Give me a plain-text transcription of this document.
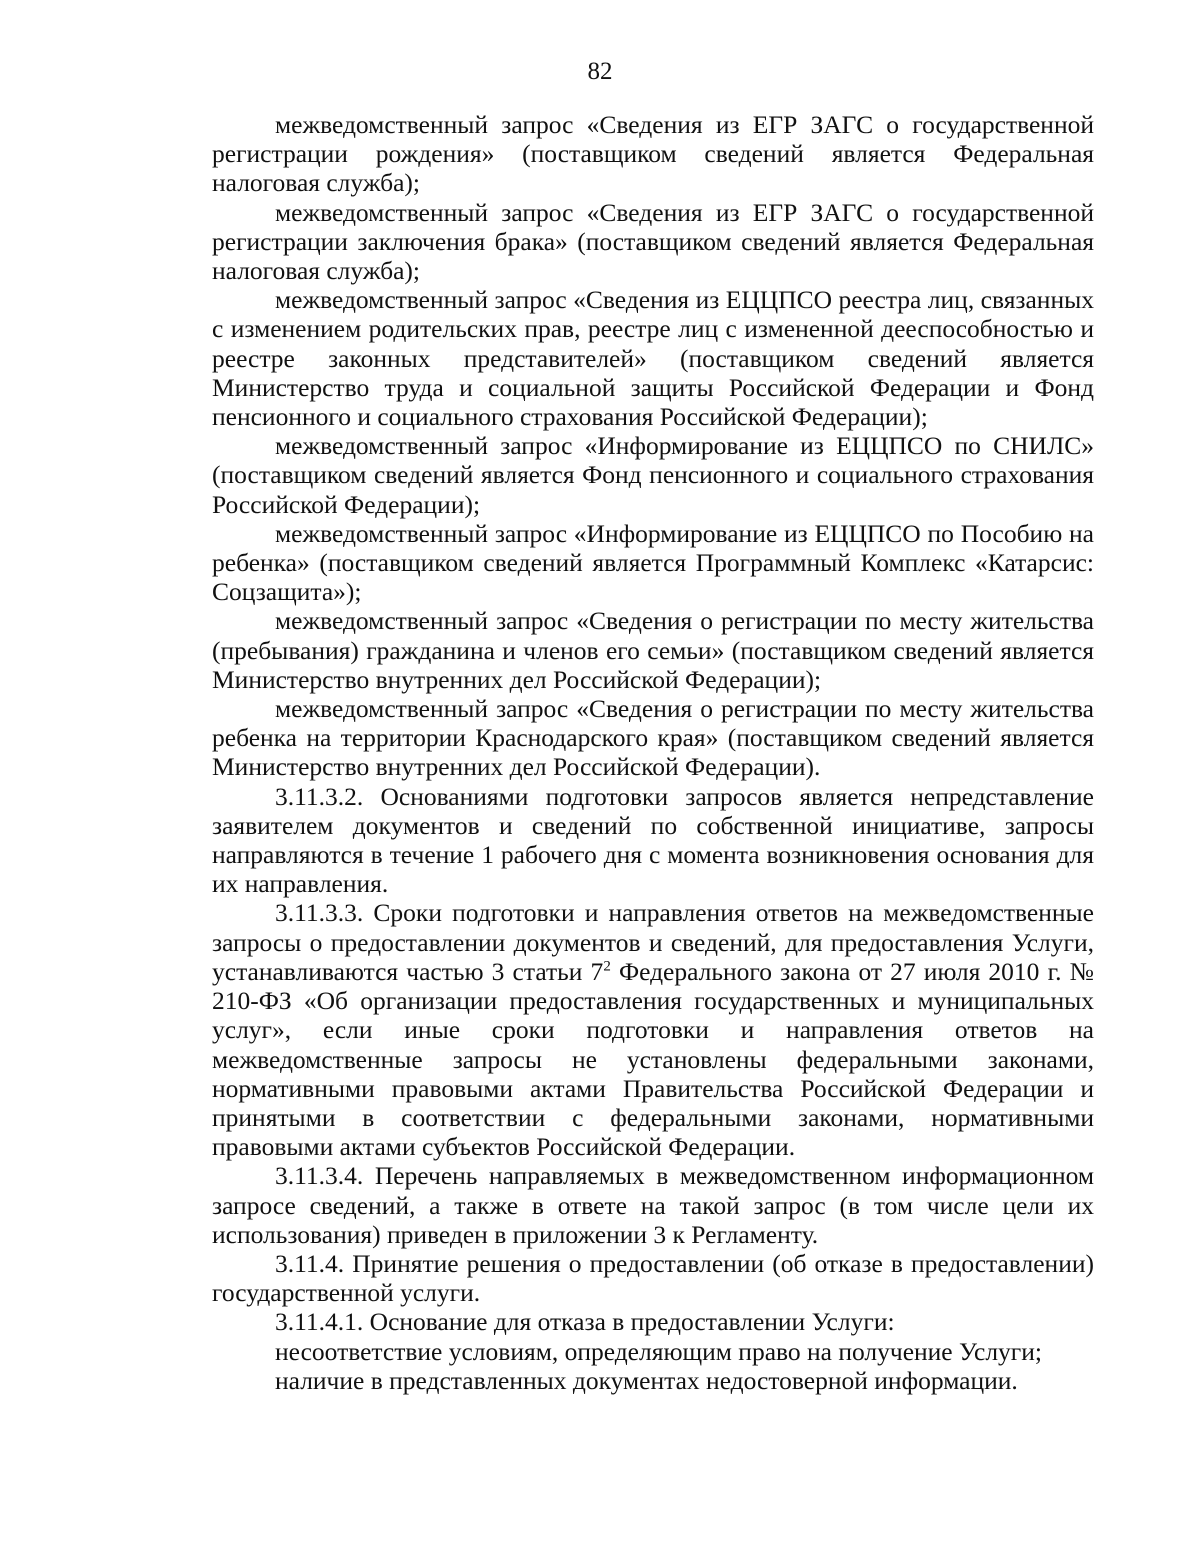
82

межведомственный запрос «Сведения из ЕГР ЗАГС о государственной регистрации рождения» (поставщиком сведений является Федеральная налоговая служба);

межведомственный запрос «Сведения из ЕГР ЗАГС о государственной регистрации заключения брака» (поставщиком сведений является Федеральная налоговая служба);

межведомственный запрос «Сведения из ЕЦЦПСО реестра лиц, связанных с изменением родительских прав, реестре лиц с измененной дееспособностью и реестре законных представителей» (поставщиком сведений является Министерство труда и социальной защиты Российской Федерации и Фонд пенсионного и социального страхования Российской Федерации);

межведомственный запрос «Информирование из ЕЦЦПСО по СНИЛС» (поставщиком сведений является Фонд пенсионного и социального страхования Российской Федерации);

межведомственный запрос «Информирование из ЕЦЦПСО по Пособию на ребенка» (поставщиком сведений является Программный Комплекс «Катарсис: Соцзащита»);

межведомственный запрос «Сведения о регистрации по месту жительства (пребывания) гражданина и членов его семьи» (поставщиком сведений является Министерство внутренних дел Российской Федерации);

межведомственный запрос «Сведения о регистрации по месту жительства ребенка на территории Краснодарского края» (поставщиком сведений является Министерство внутренних дел Российской Федерации).

3.11.3.2. Основаниями подготовки запросов является непредставление заявителем документов и сведений по собственной инициативе, запросы направляются в течение 1 рабочего дня с момента возникновения основания для их направления.

3.11.3.3. Сроки подготовки и направления ответов на межведомственные запросы о предоставлении документов и сведений, для предоставления Услуги, устанавливаются частью 3 статьи $7^2$ Федерального закона от 27 июля 2010 г. № 210-ФЗ «Об организации предоставления государственных и муниципальных услуг», если иные сроки подготовки и направления ответов на межведомственные запросы не установлены федеральными законами, нормативными правовыми актами Правительства Российской Федерации и принятыми в соответствии с федеральными законами, нормативными правовыми актами субъектов Российской Федерации.

3.11.3.4. Перечень направляемых в межведомственном информационном запросе сведений, а также в ответе на такой запрос (в том числе цели их использования) приведен в приложении 3 к Регламенту.

3.11.4. Принятие решения о предоставлении (об отказе в предоставлении) государственной услуги.

3.11.4.1. Основание для отказа в предоставлении Услуги:

несоответствие условиям, определяющим право на получение Услуги;

наличие в представленных документах недостоверной информации.
